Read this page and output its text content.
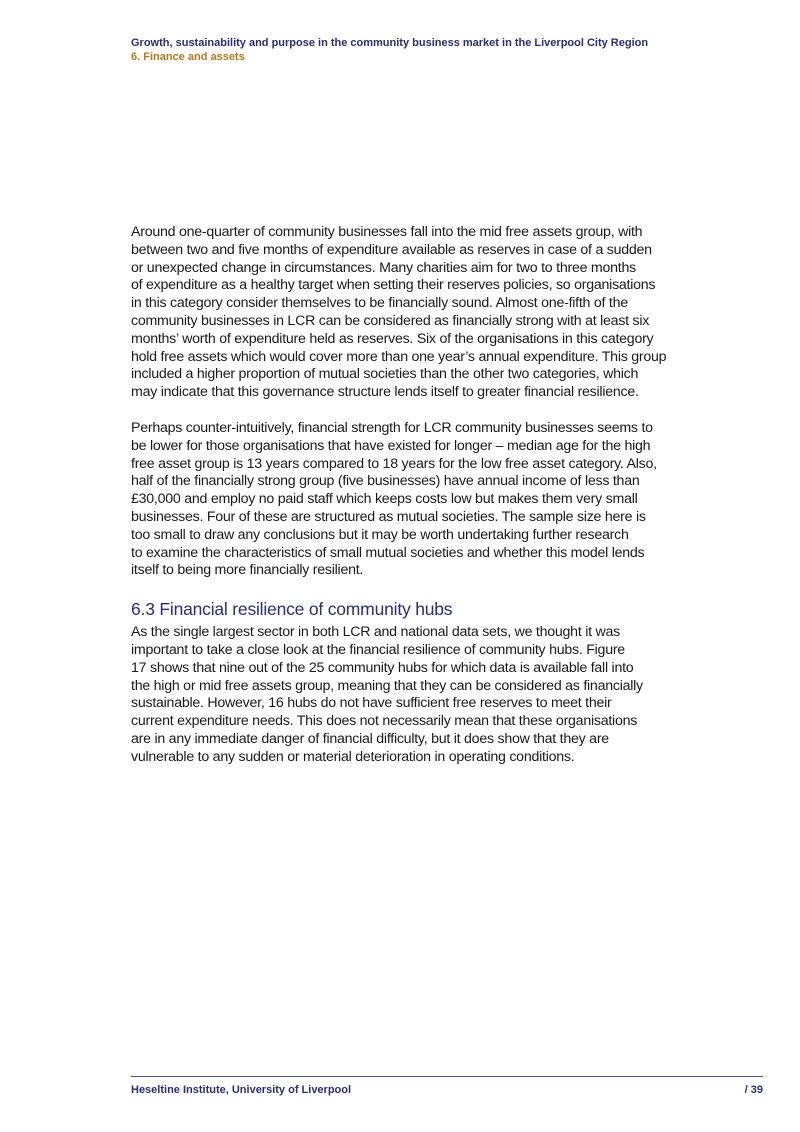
Growth, sustainability and purpose in the community business market in the Liverpool City Region
6. Finance and assets

Around one-quarter of community businesses fall into the mid free assets group, with
between two and five months of expenditure available as reserves in case of a sudden
or unexpected change in circumstances. Many charities aim for two to three months
of expenditure as a healthy target when setting their reserves policies, so organisations
in this category consider themselves to be financially sound. Almost one-fifth of the
community businesses in LCR can be considered as financially strong with at least six
months’ worth of expenditure held as reserves. Six of the organisations in this category
hold free assets which would cover more than one year’s annual expenditure. This group
included a higher proportion of mutual societies than the other two categories, which
may indicate that this governance structure lends itself to greater financial resilience.

Perhaps counter-intuitively, financial strength for LCR community businesses seems to
be lower for those organisations that have existed for longer – median age for the high
free asset group is 13 years compared to 18 years for the low free asset category. Also,
half of the financially strong group (five businesses) have annual income of less than
£30,000 and employ no paid staff which keeps costs low but makes them very small
businesses. Four of these are structured as mutual societies. The sample size here is
too small to draw any conclusions but it may be worth undertaking further research
to examine the characteristics of small mutual societies and whether this model lends
itself to being more financially resilient.

6.3 Financial resilience of community hubs

As the single largest sector in both LCR and national data sets, we thought it was
important to take a close look at the financial resilience of community hubs. Figure
17 shows that nine out of the 25 community hubs for which data is available fall into
the high or mid free assets group, meaning that they can be considered as financially
sustainable. However, 16 hubs do not have sufficient free reserves to meet their
current expenditure needs. This does not necessarily mean that these organisations
are in any immediate danger of financial difficulty, but it does show that they are
vulnerable to any sudden or material deterioration in operating conditions.

Heseltine Institute, University of Liverpool	/ 39
